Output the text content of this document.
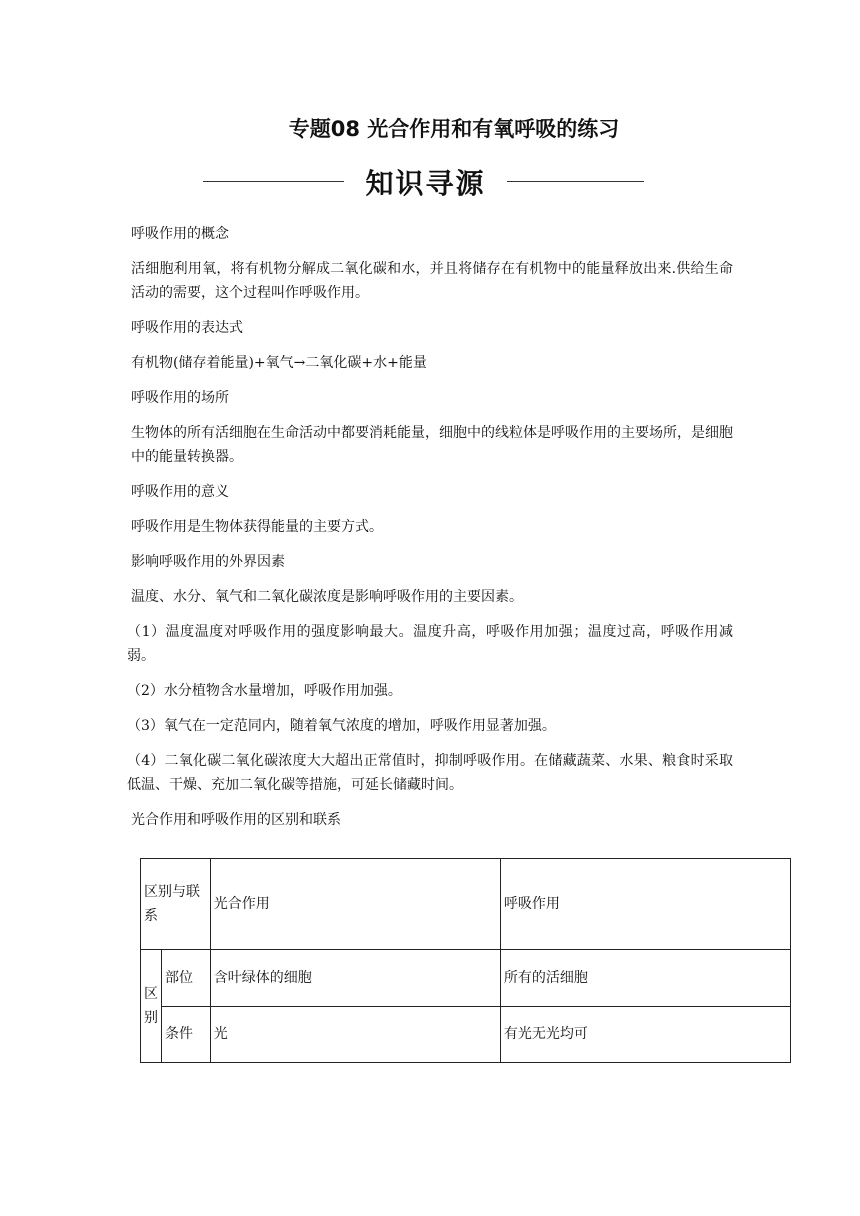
专题08 光合作用和有氧呼吸的练习
知识寻源

呼吸作用的概念

活细胞利用氧，将有机物分解成二氧化碳和水，并且将储存在有机物中的能量释放出来.供给生命活动的需要，这个过程叫作呼吸作用。

呼吸作用的表达式

有机物(储存着能量)+氧气→二氧化碳+水+能量

呼吸作用的场所

生物体的所有活细胞在生命活动中都要消耗能量，细胞中的线粒体是呼吸作用的主要场所，是细胞中的能量转换器。

呼吸作用的意义

呼吸作用是生物体获得能量的主要方式。

影响呼吸作用的外界因素

温度、水分、氧气和二氧化碳浓度是影响呼吸作用的主要因素。

（1）温度温度对呼吸作用的强度影响最大。温度升高，呼吸作用加强；温度过高，呼吸作用减弱。

（2）水分植物含水量增加，呼吸作用加强。

（3）氧气在一定范同内，随着氧气浓度的增加，呼吸作用显著加强。

（4）二氧化碳二氧化碳浓度大大超出正常值时，抑制呼吸作用。在储藏蔬菜、水果、粮食时采取低温、干燥、充加二氧化碳等措施，可延长储藏时间。

光合作用和呼吸作用的区别和联系

区别与联系		光合作用	呼吸作用
区别	部位	含叶绿体的细胞	所有的活细胞
	条件	光	有光无光均可
